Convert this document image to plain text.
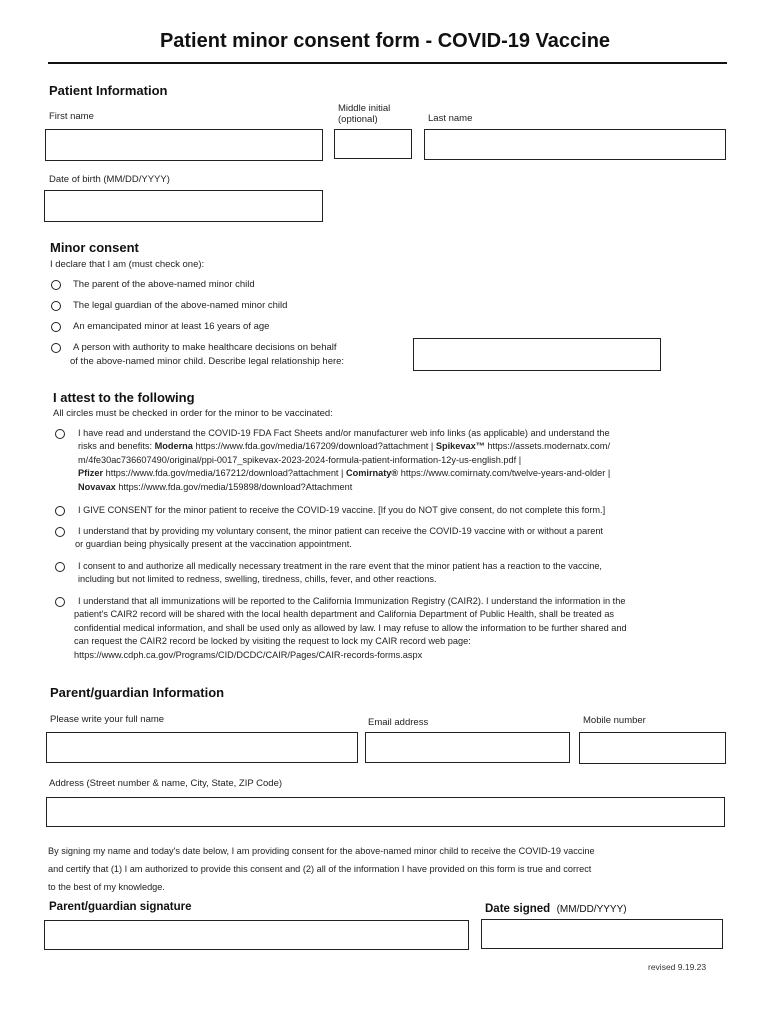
Patient minor consent form - COVID-19 Vaccine
Patient Information
First name
Middle initial
(optional)	Last name
Date of birth (MM/DD/YYYY)
Minor consent
I declare that I am (must check one):
The parent of the above-named minor child
The legal guardian of the above-named minor child
An emancipated minor at least 16 years of age
A person with authority to make healthcare decisions on behalf
of the above-named minor child. Describe legal relationship here:
I attest to the following
All circles must be checked in order for the minor to be vaccinated:
I have read and understand the COVID-19 FDA Fact Sheets and/or manufacturer web info links (as applicable) and understand the
risks and benefits: Moderna https://www.fda.gov/media/167209/download?attachment | Spikevax™ https://assets.modernatx.com/
m/4fe30ac736607490/original/ppi-0017_spikevax-2023-2024-formula-patient-information-12y-us-english.pdf |
Pfizer https://www.fda.gov/media/167212/download?attachment | Comirnaty® https://www.comirnaty.com/twelve-years-and-older |
Novavax https://www.fda.gov/media/159898/download?Attachment
I GIVE CONSENT for the minor patient to receive the COVID-19 vaccine. [If you do NOT give consent, do not complete this form.]
I understand that by providing my voluntary consent, the minor patient can receive the COVID-19 vaccine with or without a parent
or guardian being physically present at the vaccination appointment.
I consent to and authorize all medically necessary treatment in the rare event that the minor patient has a reaction to the vaccine,
including but not limited to redness, swelling, tiredness, chills, fever, and other reactions.
I understand that all immunizations will be reported to the California Immunization Registry (CAIR2). I understand the information in the
patient's CAIR2 record will be shared with the local health department and California Department of Public Health, shall be treated as
confidential medical information, and shall be used only as allowed by law. I may refuse to allow the information to be further shared and
can request the CAIR2 record be locked by visiting the request to lock my CAIR record web page:
https://www.cdph.ca.gov/Programs/CID/DCDC/CAIR/Pages/CAIR-records-forms.aspx
Parent/guardian Information
Please write your full name	Email address	Mobile number
Address (Street number & name, City, State, ZIP Code)
By signing my name and today's date below, I am providing consent for the above-named minor child to receive the COVID-19 vaccine
and certify that (1) I am authorized to provide this consent and (2) all of the information I have provided on this form is true and correct
to the best of my knowledge.
Parent/guardian signature	Date signed (MM/DD/YYYY)
revised 9.19.23
